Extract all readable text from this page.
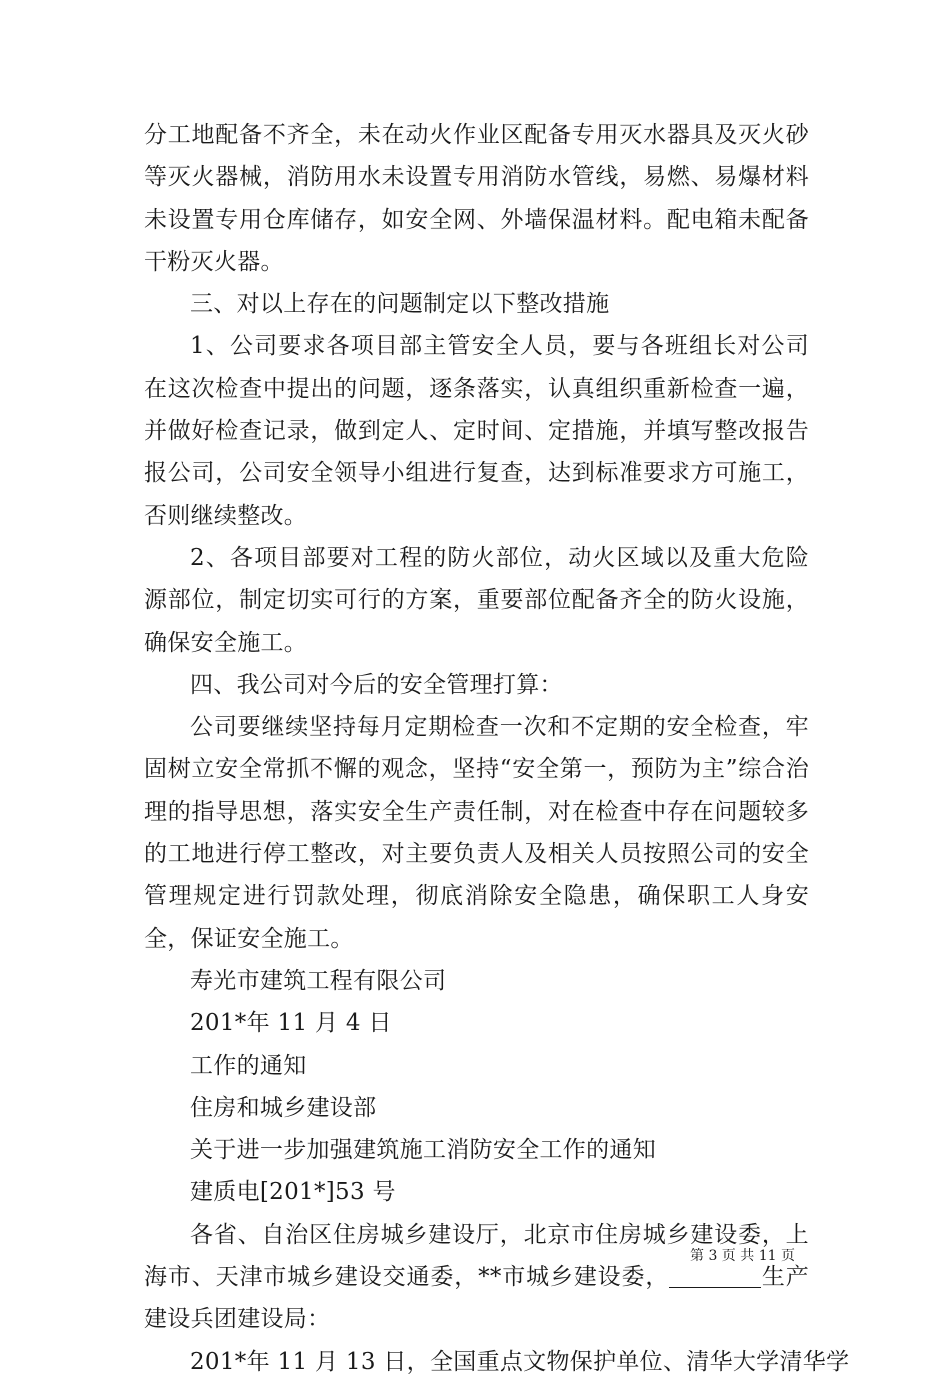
分工地配备不齐全，未在动火作业区配备专用灭水器具及灭火砂等灭火器械，消防用水未设置专用消防水管线，易燃、易爆材料未设置专用仓库储存，如安全网、外墙保温材料。配电箱未配备干粉灭火器。

三、对以上存在的问题制定以下整改措施

1、公司要求各项目部主管安全人员，要与各班组长对公司在这次检查中提出的问题，逐条落实，认真组织重新检查一遍，并做好检查记录，做到定人、定时间、定措施，并填写整改报告报公司，公司安全领导小组进行复查，达到标准要求方可施工，否则继续整改。

2、各项目部要对工程的防火部位，动火区域以及重大危险源部位，制定切实可行的方案，重要部位配备齐全的防火设施，确保安全施工。

四、我公司对今后的安全管理打算：

公司要继续坚持每月定期检查一次和不定期的安全检查，牢固树立安全常抓不懈的观念，坚持“安全第一，预防为主”综合治理的指导思想，落实安全生产责任制，对在检查中存在问题较多的工地进行停工整改，对主要负责人及相关人员按照公司的安全管理规定进行罚款处理，彻底消除安全隐患，确保职工人身安全，保证安全施工。

寿光市建筑工程有限公司

201*年 11 月 4 日

工作的通知

住房和城乡建设部

关于进一步加强建筑施工消防安全工作的通知

建质电[201*]53 号

各省、自治区住房城乡建设厅，北京市住房城乡建设委，上海市、天津市城乡建设交通委，**市城乡建设委，	生产建设兵团建设局：

201*年 11 月 13 日，全国重点文物保护单位、清华大学清华学

第 3 页 共 11 页
